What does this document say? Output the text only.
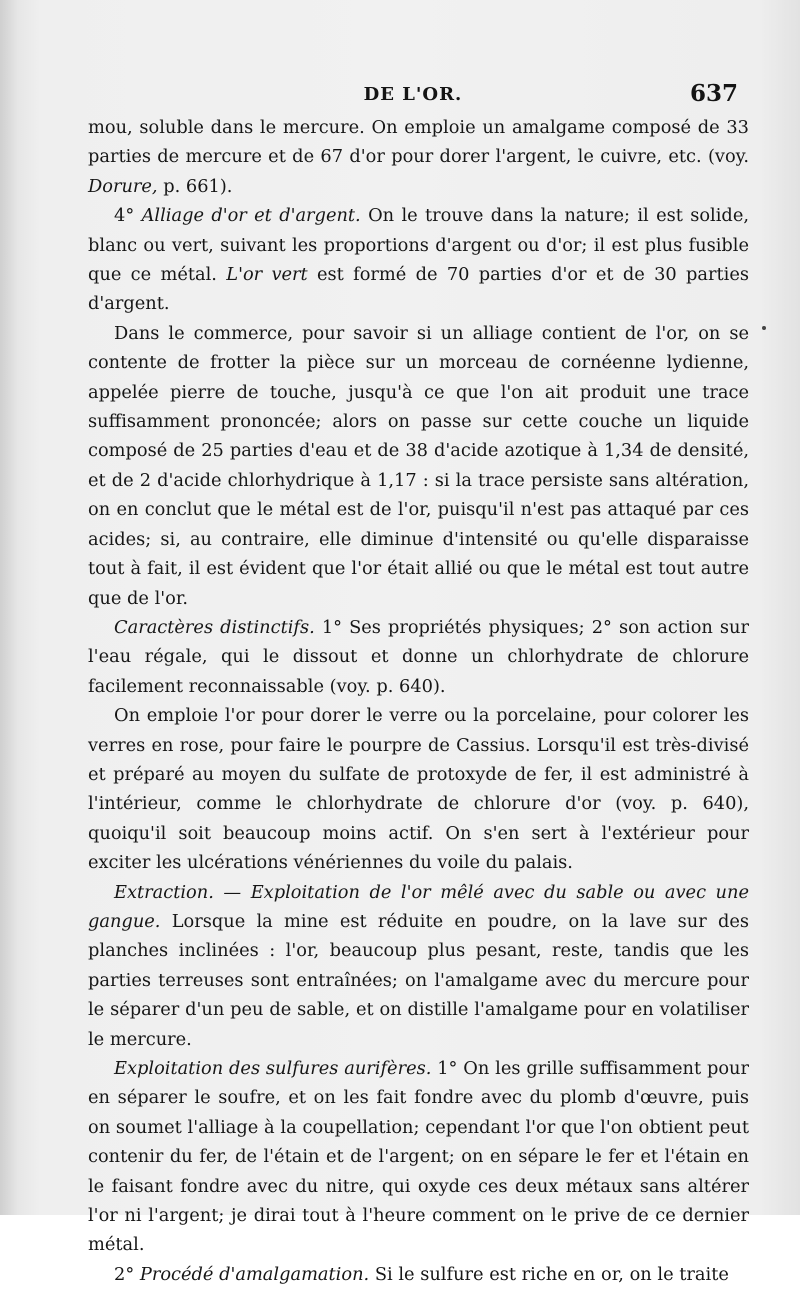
DE L'OR.	637

mou, soluble dans le mercure. On emploie un amalgame composé de 33 parties de mercure et de 67 d'or pour dorer l'argent, le cuivre, etc. (voy. Dorure, p. 661).

4° Alliage d'or et d'argent. On le trouve dans la nature; il est solide, blanc ou vert, suivant les proportions d'argent ou d'or; il est plus fusible que ce métal. L'or vert est formé de 70 parties d'or et de 30 parties d'argent.

Dans le commerce, pour savoir si un alliage contient de l'or, on se contente de frotter la pièce sur un morceau de cornéenne lydienne, appelée pierre de touche, jusqu'à ce que l'on ait produit une trace suffisamment prononcée; alors on passe sur cette couche un liquide composé de 25 parties d'eau et de 38 d'acide azotique à 1,34 de densité, et de 2 d'acide chlorhydrique à 1,17 : si la trace persiste sans altération, on en conclut que le métal est de l'or, puisqu'il n'est pas attaqué par ces acides; si, au contraire, elle diminue d'intensité ou qu'elle disparaisse tout à fait, il est évident que l'or était allié ou que le métal est tout autre que de l'or.

Caractères distinctifs. 1° Ses propriétés physiques; 2° son action sur l'eau régale, qui le dissout et donne un chlorhydrate de chlorure facilement reconnaissable (voy. p. 640).

On emploie l'or pour dorer le verre ou la porcelaine, pour colorer les verres en rose, pour faire le pourpre de Cassius. Lorsqu'il est très-divisé et préparé au moyen du sulfate de protoxyde de fer, il est administré à l'intérieur, comme le chlorhydrate de chlorure d'or (voy. p. 640), quoiqu'il soit beaucoup moins actif. On s'en sert à l'extérieur pour exciter les ulcérations vénériennes du voile du palais.

Extraction. — Exploitation de l'or mêlé avec du sable ou avec une gangue. Lorsque la mine est réduite en poudre, on la lave sur des planches inclinées : l'or, beaucoup plus pesant, reste, tandis que les parties terreuses sont entraînées; on l'amalgame avec du mercure pour le séparer d'un peu de sable, et on distille l'amalgame pour en volatiliser le mercure.

Exploitation des sulfures aurifères. 1° On les grille suffisamment pour en séparer le soufre, et on les fait fondre avec du plomb d'œuvre, puis on soumet l'alliage à la coupellation; cependant l'or que l'on obtient peut contenir du fer, de l'étain et de l'argent; on en sépare le fer et l'étain en le faisant fondre avec du nitre, qui oxyde ces deux métaux sans altérer l'or ni l'argent; je dirai tout à l'heure comment on le prive de ce dernier métal.

2° Procédé d'amalgamation. Si le sulfure est riche en or, on le traite
